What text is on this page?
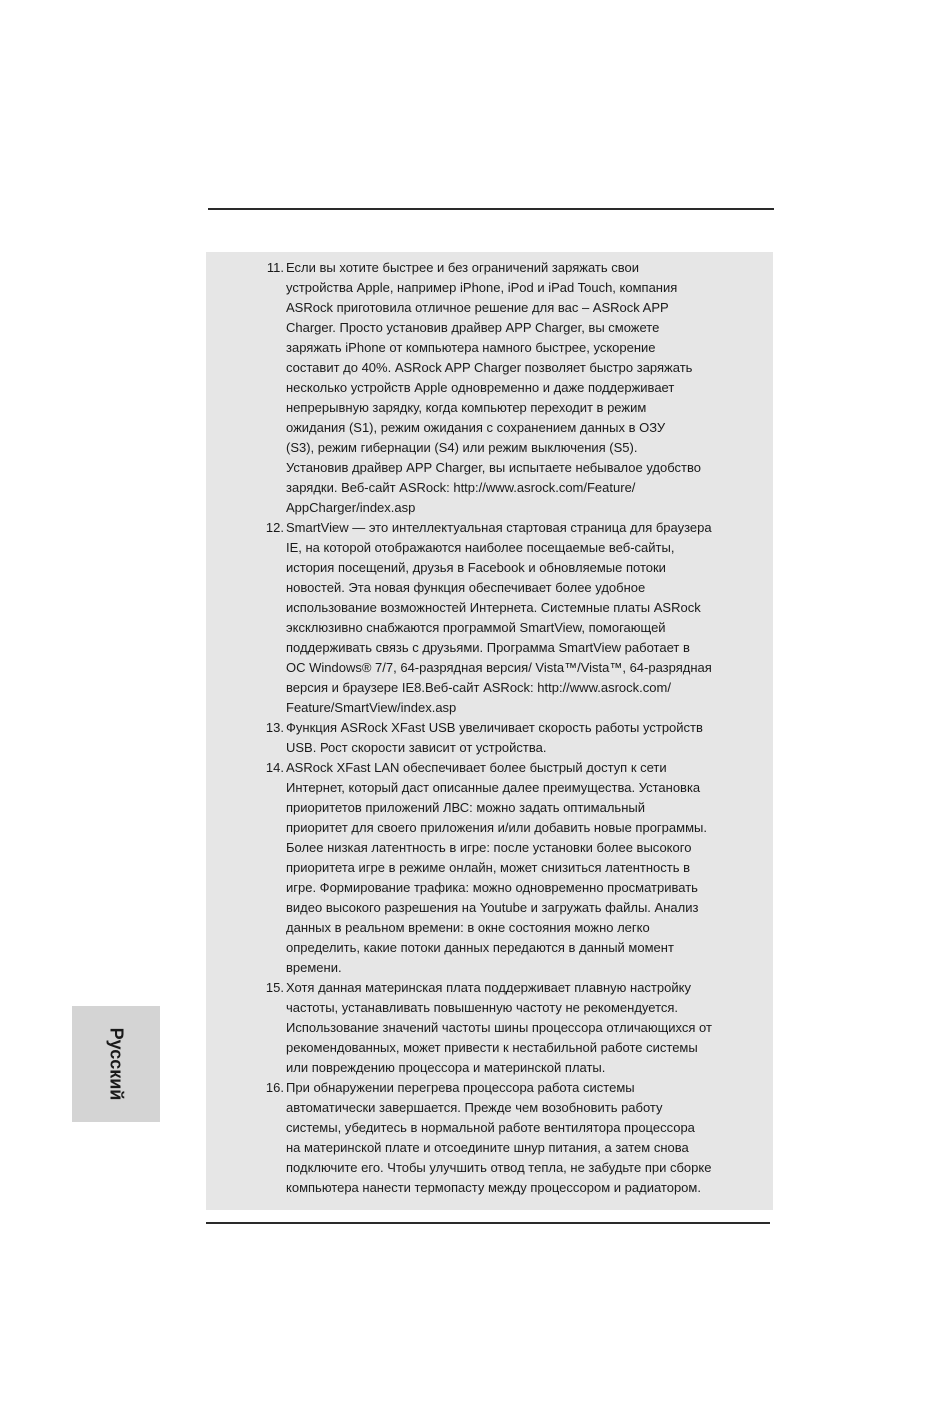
11. Если вы хотите быстрее и без ограничений заряжать свои
устройства Apple, например iPhone, iPod и iPad Touch, компания
ASRock приготовила отличное решение для вас – ASRock APP
Charger. Просто установив драйвер APP Charger, вы сможете
заряжать iPhone от компьютера намного быстрее, ускорение
составит до 40%. ASRock APP Charger позволяет быстро заряжать
несколько устройств Apple одновременно и даже поддерживает
непрерывную зарядку, когда компьютер переходит в режим
ожидания (S1), режим ожидания с сохранением данных в ОЗУ
(S3), режим гибернации (S4) или режим выключения (S5).
Установив драйвер APP Charger, вы испытаете небывалое удобство
зарядки. Веб-сайт ASRock: http://www.asrock.com/Feature/
AppCharger/index.asp
12. SmartView — это интеллектуальная стартовая страница для браузера
IE, на которой отображаются наиболее посещаемые веб-сайты,
история посещений, друзья в Facebook и обновляемые потоки
новостей. Эта новая функция обеспечивает более удобное
использование возможностей Интернета. Системные платы ASRock
эксклюзивно снабжаются программой SmartView, помогающей
поддерживать связь с друзьями. Программа SmartView работает в
ОС Windows® 7/7, 64-разрядная версия/ Vista™/Vista™, 64-разрядная
версия и браузере IE8.Веб-сайт ASRock: http://www.asrock.com/
Feature/SmartView/index.asp
13. Функция ASRock XFast USB увеличивает скорость работы устройств
USB. Рост скорости зависит от устройства.
14. ASRock XFast LAN обеспечивает более быстрый доступ к сети
Интернет, который даст описанные далее преимущества. Установка
приоритетов приложений ЛВС: можно задать оптимальный
приоритет для своего приложения и/или добавить новые программы.
Более низкая латентность в игре: после установки более высокого
приоритета игре в режиме онлайн, может снизиться латентность в
игре. Формирование трафика: можно одновременно просматривать
видео высокого разрешения на Youtube и загружать файлы. Анализ
данных в реальном времени: в окне состояния можно легко
определить, какие потоки данных передаются в данный момент
времени.
15. Хотя данная материнская плата поддерживает плавную настройку
частоты, устанавливать повышенную частоту не рекомендуется.
Использование значений частоты шины процессора отличающихся от
рекомендованных, может привести к нестабильной работе системы
или повреждению процессора и материнской платы.
16. При обнаружении перегрева процессора работа системы
автоматически завершается. Прежде чем возобновить работу
системы, убедитесь в нормальной работе вентилятора процессора
на материнской плате и отсоедините шнур питания, а затем снова
подключите его. Чтобы улучшить отвод тепла, не забудьте при сборке
компьютера нанести термопасту между процессором и радиатором.
Русский
